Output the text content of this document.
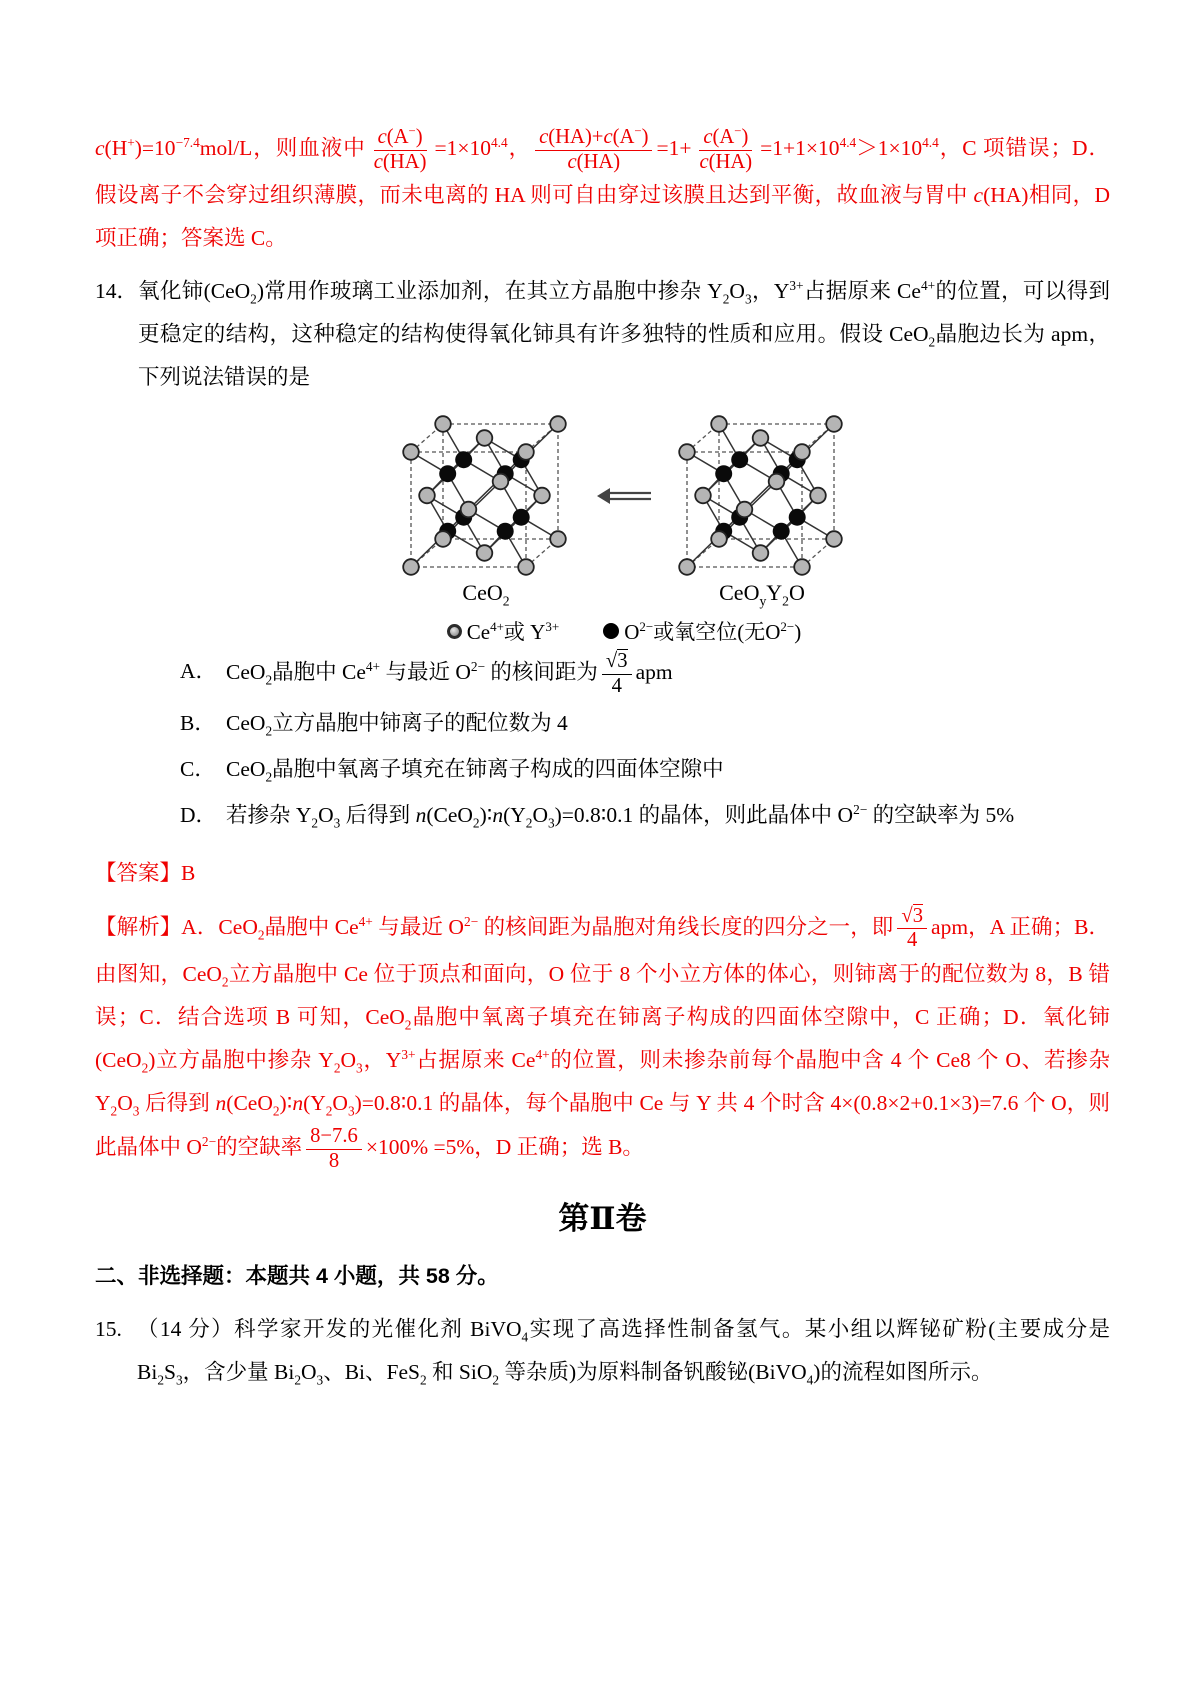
$c(H^+)=10^{-7.4}mol/L$，则血液中 $\frac{c(A^-)}{c(HA)} =1\times 10^{4.4}$， $\frac{c(HA)+c(A^-)}{c(HA)} =1+ \frac{c(A^-)}{c(HA)} =1+1\times 10^{4.4}>1\times 10^{4.4}$，C 项错误；D．假设离子不会穿过组织薄膜，而未电离的 HA 则可自由穿过该膜且达到平衡，故血液与胃中 c(HA)相同，D 项正确；答案选 C。

14． 氧化铈(CeO$_2$)常用作玻璃工业添加剂，在其立方晶胞中掺杂 $Y_2O_3$，$Y^{3+}$占据原来 $Ce^{4+}$的位置，可以得到更稳定的结构，这种稳定的结构使得氧化铈具有许多独特的性质和应用。假设 CeO$_2$晶胞边长为 apm，下列说法错误的是

CeO$_2$	$CeO_yY_2O$
$Ce^{4+}$或 $Y^{3+}$	$O^{2-}$或氧空位(无$O^{2-}$)
A． CeO$_2$晶胞中 $Ce^{4+}$ 与最近 $O^{2-}$ 的核间距为 $\frac{√3}{4}$ apm
B． CeO$_2$立方晶胞中铈离子的配位数为 4
C． CeO$_2$晶胞中氧离子填充在铈离子构成的四面体空隙中
D． 若掺杂 $Y_2O_3$ 后得到 $n(CeO_2)∶n(Y_2O_3)=0.8∶0.1$ 的晶体，则此晶体中 $O^{2-}$ 的空缺率为 5%

【答案】B

【解析】A．CeO$_2$晶胞中 $Ce^{4+}$ 与最近 $O^{2-}$ 的核间距为晶胞对角线长度的四分之一，即 $\frac{√3}{4}$ apm，A 正确；B．由图知，CeO$_2$立方晶胞中 Ce 位于顶点和面向，O 位于 8 个小立方体的体心，则铈离于的配位数为 8，B 错误；C．结合选项 B 可知，CeO$_2$晶胞中氧离子填充在铈离子构成的四面体空隙中，C 正确；D．氧化铈(CeO$_2$)立方晶胞中掺杂 $Y_2O_3$，$Y^{3+}$占据原来 $Ce^{4+}$的位置，则未掺杂前每个晶胞中含 4 个 Ce8 个 O、若掺杂 $Y_2O_3$ 后得到 $n(CeO_2)∶n(Y_2O_3)=0.8∶0.1$ 的晶体，每个晶胞中 Ce 与 Y 共 4 个时含 4×(0.8×2+0.1×3)=7.6 个 O，则此晶体中 $O^{2-}$的空缺率 $\frac{8-7.6}{8} \times 100\% =5\%$，D 正确；选 B。

第Ⅱ卷

二、非选择题：本题共 4 小题，共 58 分。

15. （14 分）科学家开发的光催化剂 BiVO$_4$实现了高选择性制备氢气。某小组以辉铋矿粉(主要成分是 $Bi_2S_3$，含少量 $Bi_2O_3$、Bi、FeS$_2$ 和 SiO$_2$ 等杂质)为原料制备钒酸铋(BiVO$_4$)的流程如图所示。
